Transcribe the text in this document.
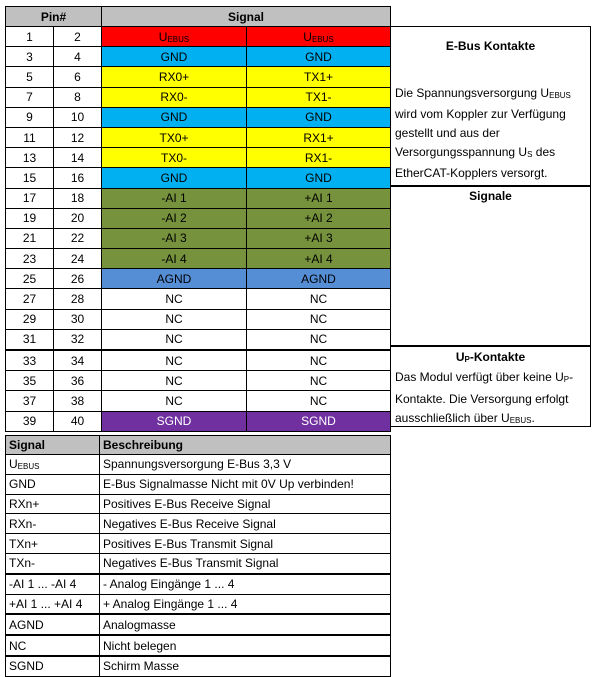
Pin#		Signal	
1	2	$U_{EBUS}$	$U_{EBUS}$
3	4	GND	GND
5	6	RX0+	TX1+
7	8	RX0-	TX1-
9	10	GND	GND
11	12	TX0+	RX1+
13	14	TX0-	RX1-
15	16	GND	GND
17	18	-AI 1	+AI 1
19	20	-AI 2	+AI 2
21	22	-AI 3	+AI 3
23	24	-AI 4	+AI 4
25	26	AGND	AGND
27	28	NC	NC
29	30	NC	NC
31	32	NC	NC
33	34	NC	NC
35	36	NC	NC
37	38	NC	NC
39	40	SGND	SGND
E-Bus Kontakte
Die Spannungsversorgung $U_{EBUS}$
wird vom Koppler zur Verfügung
gestellt und aus der
Versorgungsspannung $U_S$ des
EtherCAT-Kopplers versorgt.
Signale
$U_P$-Kontakte
Das Modul verfügt über keine $U_P-$
Kontakte. Die Versorgung erfolgt
ausschließlich über $U_{EBUS}$.
Signal	Beschreibung
$U_{EBUS}$	Spannungsversorgung E-Bus 3,3 V
GND	E-Bus Signalmasse Nicht mit 0V Up verbinden!
RXn+	Positives E-Bus Receive Signal
RXn-	Negatives E-Bus Receive Signal
TXn+	Positives E-Bus Transmit Signal
TXn-	Negatives E-Bus Transmit Signal
-AI 1 ... -AI 4	- Analog Eingänge 1 ... 4
+AI 1 ... +AI 4	+ Analog Eingänge 1 ... 4
AGND	Analogmasse
NC	Nicht belegen
SGND	Schirm Masse
